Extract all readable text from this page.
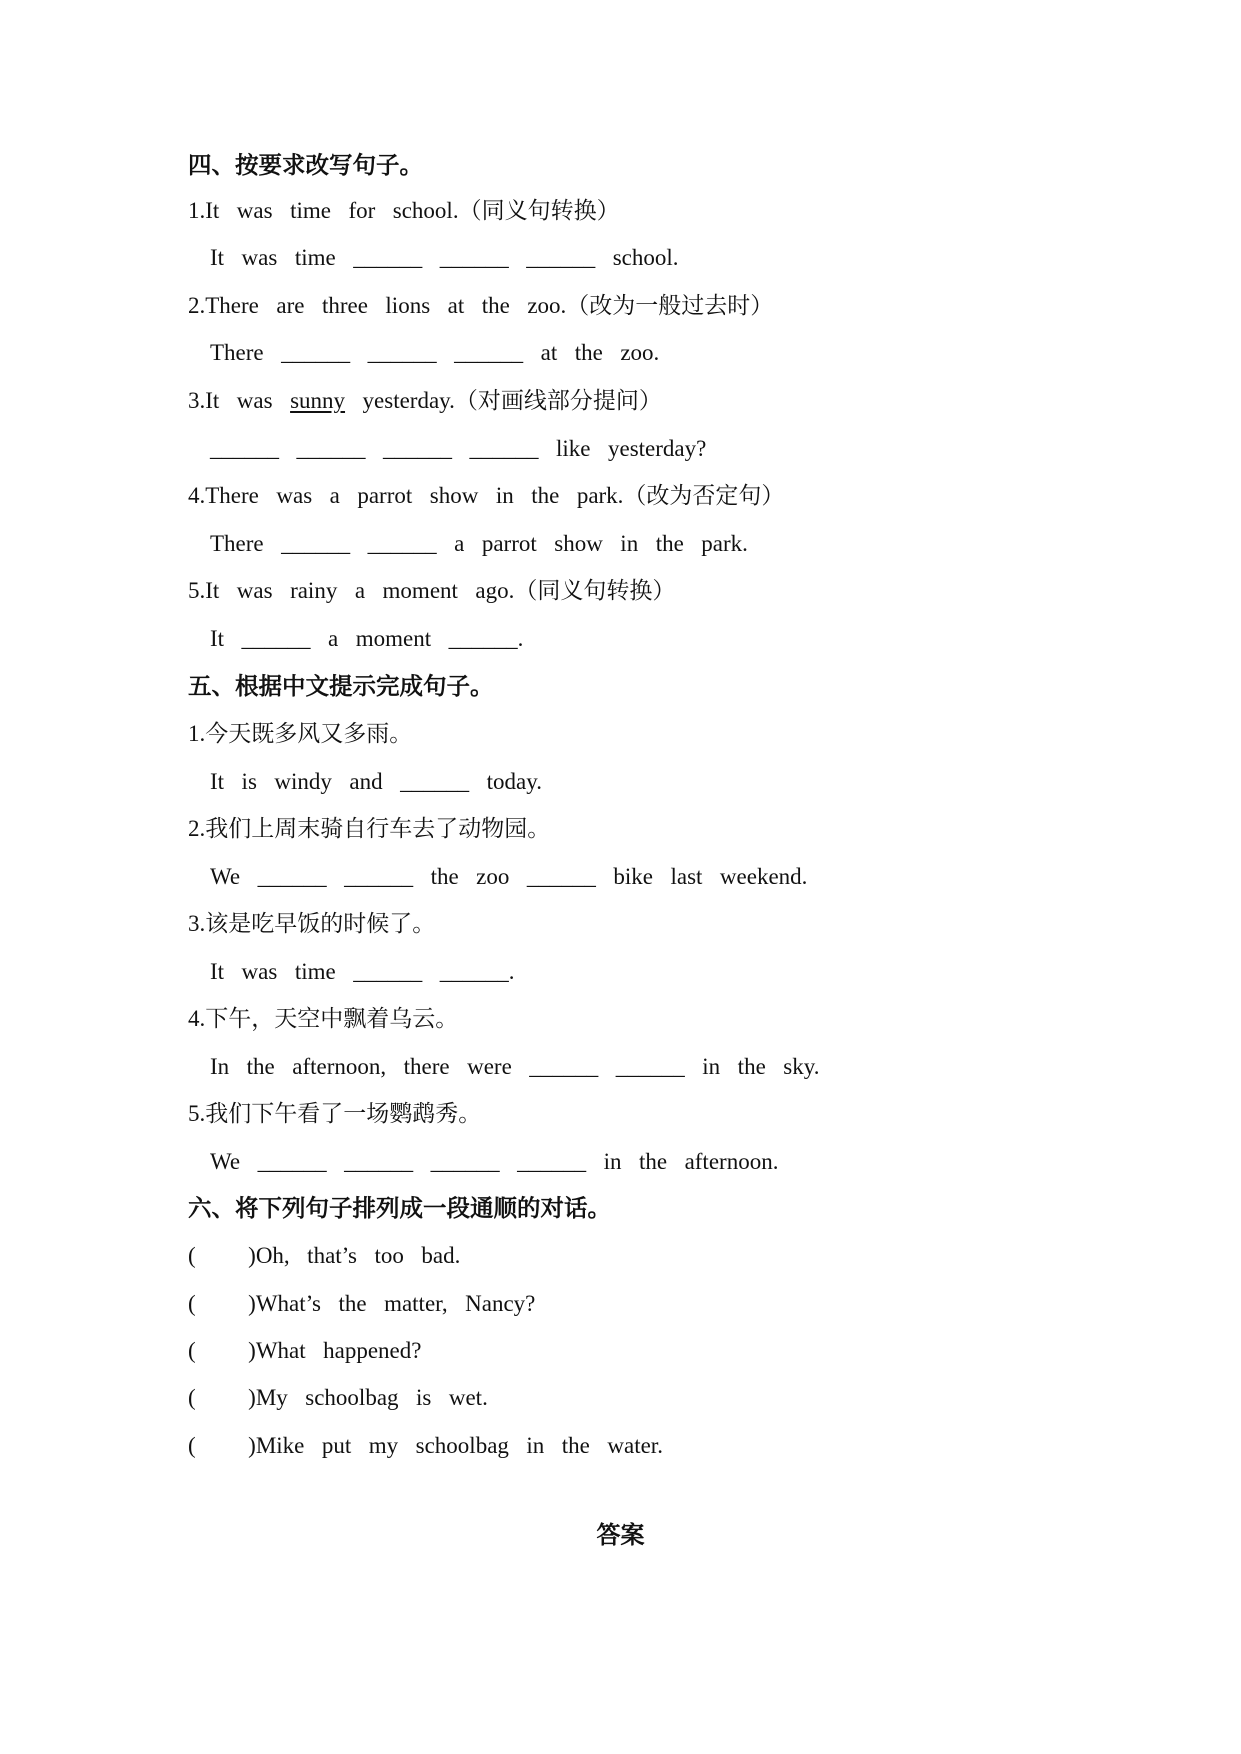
四、按要求改写句子。
1.It  was  time  for  school.（同义句转换）
It  was  time  ______  ______  ______  school.
2.There  are  three  lions  at  the  zoo.（改为一般过去时）
There  ______  ______  ______  at  the  zoo.
3.It  was  sunny  yesterday.（对画线部分提问）
______  ______  ______  ______  like  yesterday?
4.There  was  a  parrot  show  in  the  park.（改为否定句）
There  ______  ______  a  parrot  show  in  the  park.
5.It  was  rainy  a  moment  ago.（同义句转换）
It  ______  a  moment  ______.
五、根据中文提示完成句子。
1.今天既多风又多雨。
It  is  windy  and  ______  today.
2.我们上周末骑自行车去了动物园。
We  ______  ______  the  zoo  ______  bike  last  weekend.
3.该是吃早饭的时候了。
It  was  time  ______  ______.
4.下午，天空中飘着乌云。
In  the  afternoon,  there  were  ______  ______  in  the  sky.
5.我们下午看了一场鹦鹉秀。
We  ______  ______  ______  ______  in  the  afternoon.
六、将下列句子排列成一段通顺的对话。
(      )Oh,  that’s  too  bad.
(      )What’s  the  matter,  Nancy?
(      )What  happened?
(      )My  schoolbag  is  wet.
(      )Mike  put  my  schoolbag  in  the  water.
答案
